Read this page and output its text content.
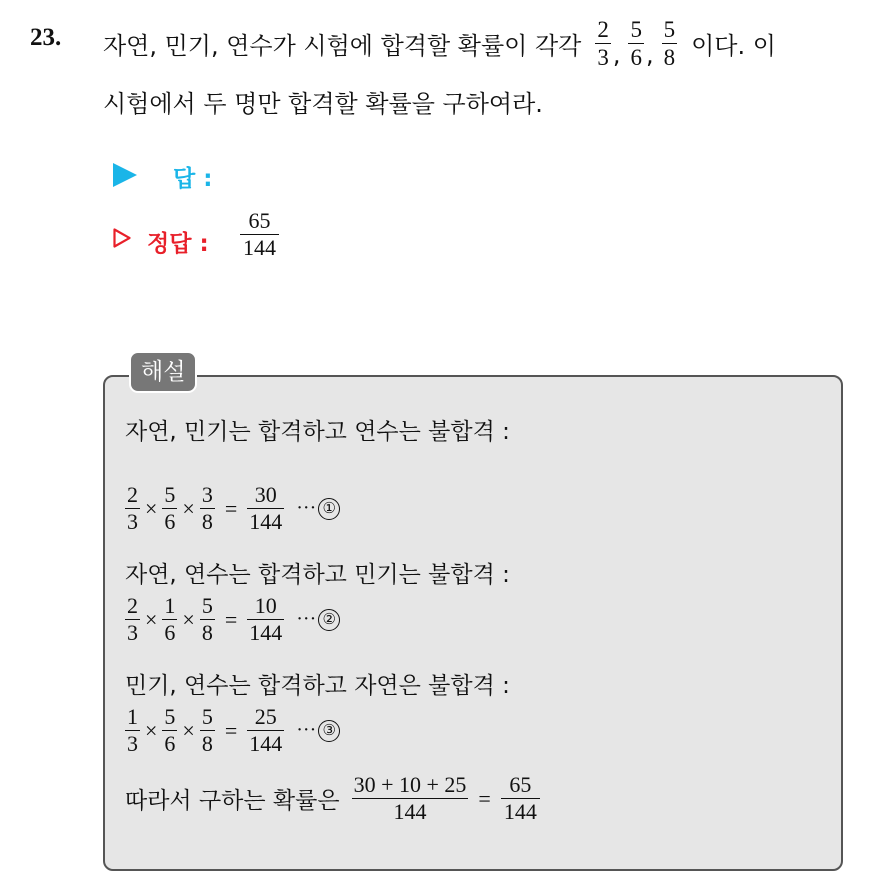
23. 자연, 민기, 연수가 시험에 합격할 확률이 각각 $\frac{2}{3}$ , $\frac{5}{6}$ , $\frac{5}{8}$ 이다. 이
시험에서 두 명만 합격할 확률을 구하여라.
답 :
정답 : $\frac{65}{144}$
해설
자연, 민기는 합격하고 연수는 불합격 :
$\frac{2}{3} \times \frac{5}{6} \times \frac{3}{8} = \frac{30}{144}$ ··· ①
자연, 연수는 합격하고 민기는 불합격 :
$\frac{2}{3} \times \frac{1}{6} \times \frac{5}{8} = \frac{10}{144}$ ··· ②
민기, 연수는 합격하고 자연은 불합격 :
$\frac{1}{3} \times \frac{5}{6} \times \frac{5}{8} = \frac{25}{144}$ ··· ③
따라서 구하는 확률은 $\frac{30 + 10 + 25}{144} = \frac{65}{144}$
